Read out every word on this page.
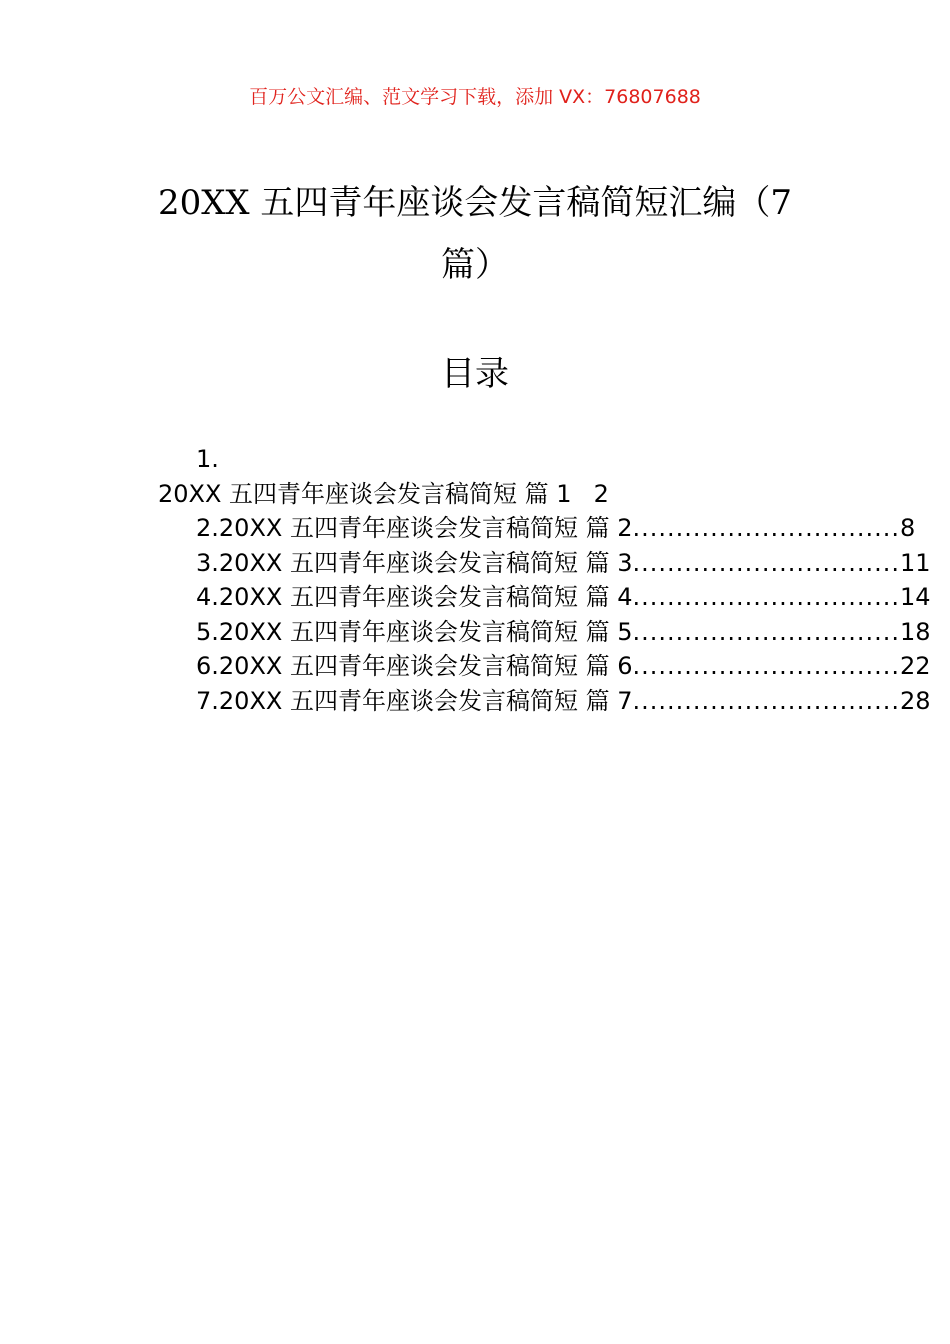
百万公文汇编、范文学习下载，添加 VX：76807688
20XX 五四青年座谈会发言稿简短汇编（7
篇）
目录
1.
20XX 五四青年座谈会发言稿简短 篇 1 2
2.20XX 五四青年座谈会发言稿简短 篇 2 ............................... 8
3.20XX 五四青年座谈会发言稿简短 篇 3 ............................... 11
4.20XX 五四青年座谈会发言稿简短 篇 4 ............................... 14
5.20XX 五四青年座谈会发言稿简短 篇 5 ............................... 18
6.20XX 五四青年座谈会发言稿简短 篇 6 ............................... 22
7.20XX 五四青年座谈会发言稿简短 篇 7 ............................... 28
